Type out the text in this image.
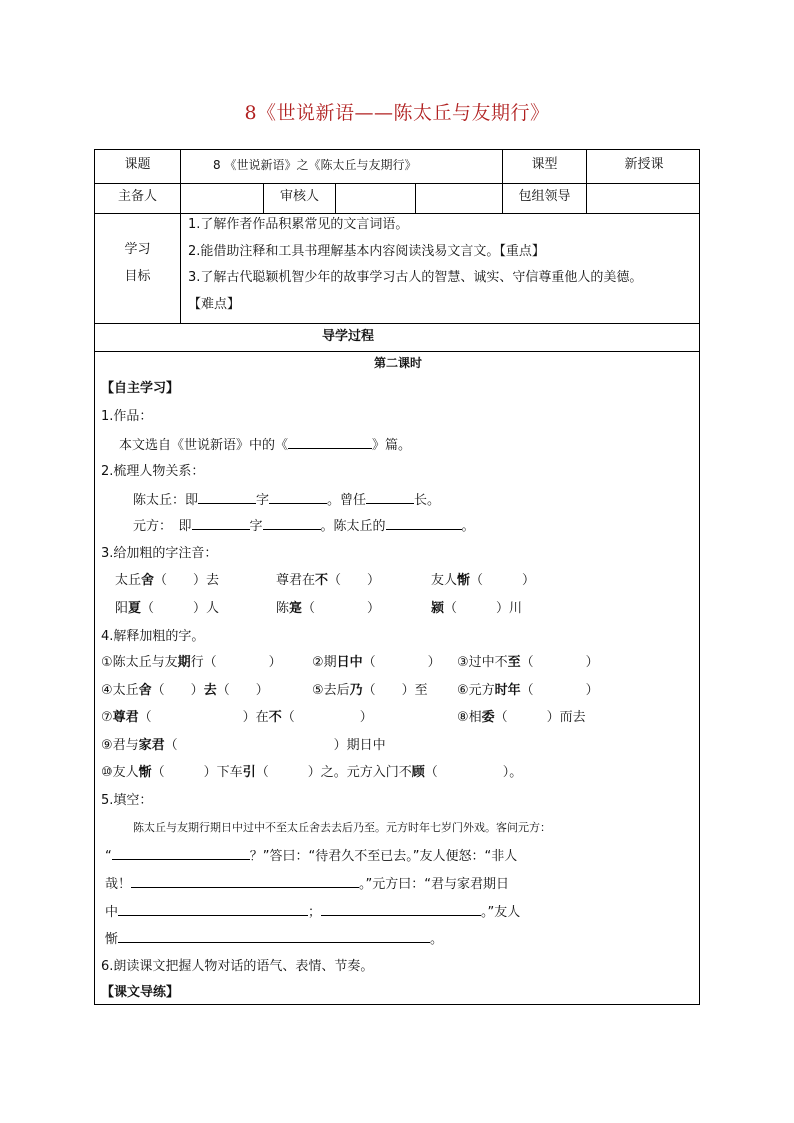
8《世说新语——陈太丘与友期行》
课题	8 《世说新语》之《陈太丘与友期行》	课型	新授课
主备人	审核人	包组领导
学习
目标
1.了解作者作品积累常见的文言词语。
2.能借助注释和工具书理解基本内容阅读浅易文言文。【重点】
3.了解古代聪颖机智少年的故事学习古人的智慧、诚实、守信尊重他人的美德。
【难点】
导学过程
第二课时
【自主学习】
1.作品：
本文选自《世说新语》中的《	》篇。
2.梳理人物关系：
陈太丘：即	字	。曾任	长。
元方：　即	字	。陈太丘的	。
3.给加粗的字注音：
太丘舍（　　）去	尊君在不（　　）	友人惭（　　　）
阳夏（　　　）人	陈寔（　　　　）	颍（　　　）川
4.解释加粗的字。
①陈太丘与友期行（　　　　） ②期日中（　　　　） ③过中不至（　　　　）
④太丘舍（　　）去（　　）	⑤去后乃（　　）至 ⑥元方时年（　　　　）
⑦尊君（　　　　　　　）在不（　　　　　）	⑧相委（　　　）而去
⑨君与家君（　　　　　　　　　　　　）期日中
⑩友人惭（　　　）下车引（　　　）之。元方入门不顾（　　　　　）。
5.填空：
陈太丘与友期行期日中过中不至太丘舍去去后乃至。元方时年七岁门外戏。客问元方：
“	？”答曰：“待君久不至已去。”友人便怒：“非人
哉！	。”元方曰：“君与家君期日
中	；	。”友人
惭	。
6.朗读课文把握人物对话的语气、表情、节奏。
【课文导练】
